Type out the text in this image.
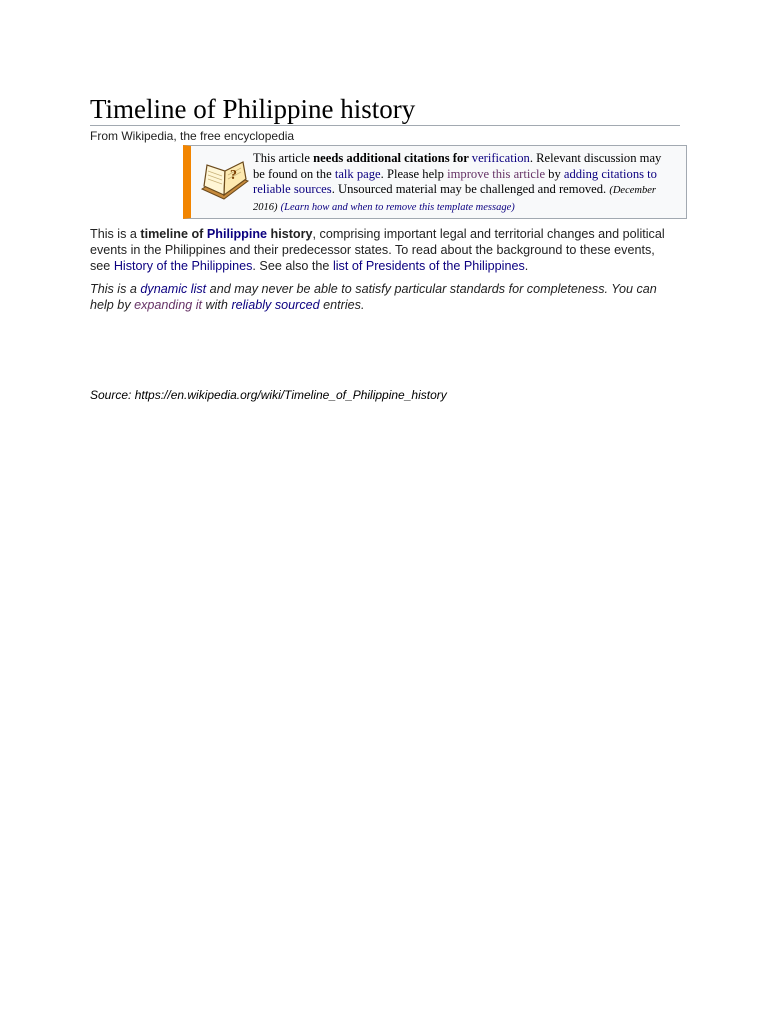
Timeline of Philippine history
From Wikipedia, the free encyclopedia
?
This article needs additional citations for verification. Relevant discussion may be found on the talk page. Please help improve this article by adding citations to reliable sources. Unsourced material may be challenged and removed. (December 2016) (Learn how and when to remove this template message)

This is a timeline of Philippine history, comprising important legal and territorial changes and political events in the Philippines and their predecessor states. To read about the background to these events, see History of the Philippines. See also the list of Presidents of the Philippines.

This is a dynamic list and may never be able to satisfy particular standards for completeness. You can help by expanding it with reliably sourced entries.

Source: https://en.wikipedia.org/wiki/Timeline_of_Philippine_history
